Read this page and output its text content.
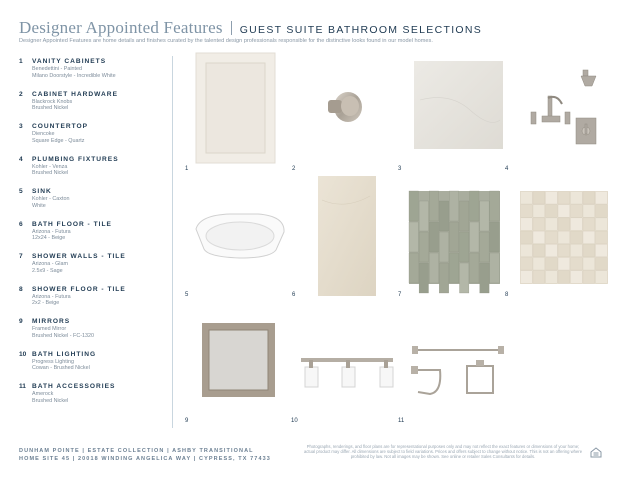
Designer Appointed Features GUEST SUITE BATHROOM SELECTIONS
Designer Appointed Features are home details and finishes curated by the talented design professionals responsible for the distinctive looks found in our model homes.
1	VANITY CABINETS
Benedettini - Painted
Milano Doorstyle - Incredible White
2	CABINET HARDWARE
Blackrock Knobs
Brushed Nickel
3	COUNTERTOP
Diencoke
Square Edge - Quartz
4	PLUMBING FIXTURES
Kohler - Venza
Brushed Nickel
5	SINK
Kohler - Caxton
White
6	BATH FLOOR - TILE
Arizona - Futura
12x24 - Beige
7	SHOWER WALLS - TILE
Arizona - Glam
2.5x9 - Sage
8	SHOWER FLOOR - TILE
Arizona - Futura
2x2 - Beige
9	MIRRORS
Framed Mirror
Brushed Nickel - FC-1320
10 BATH LIGHTING
Progress Lighting
Cowan - Brushed Nickel
11 BATH ACCESSORIES
Amerock
Brushed Nickel
1	2	3	4
5	6	7	8
9	10	11
DUNHAM POINTE | ESTATE COLLECTION | ASHBY TRANSITIONAL
HOME SITE 45 | 20018 WINDING ANGELICA WAY | CYPRESS, TX 77433
Photographs, renderings, and floor plans are for representational purposes only and may not reflect the exact features or dimensions of your home; actual product may differ. All dimensions are subject to field variations. Prices and offers subject to change without notice. This is not an offering where prohibited by law. Not all images may be shown. See online or retailer Sales Consultants for details.
